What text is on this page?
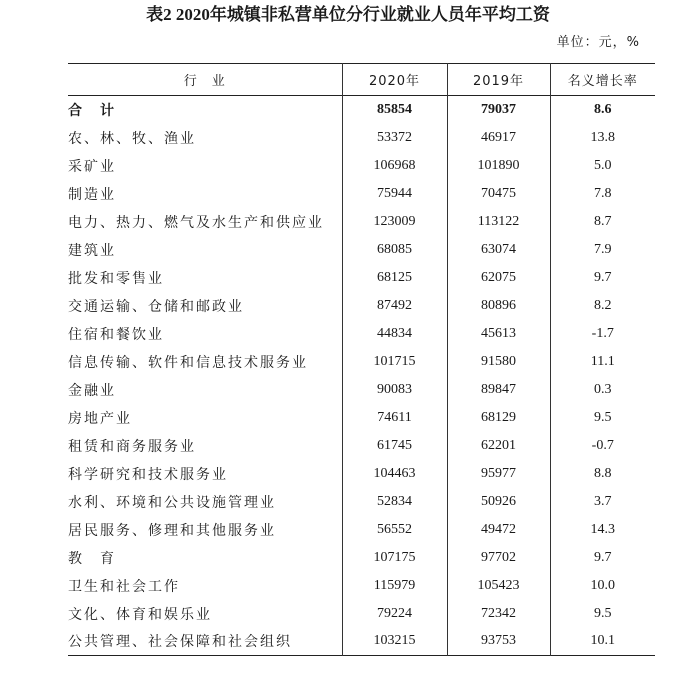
表2 2020年城镇非私营单位分行业就业人员年平均工资
单位：元，%
行　业	2020年	2019年	名义增长率
合　计	85854	79037	8.6
农、林、牧、渔业	53372	46917	13.8
采矿业	106968	101890	5.0
制造业	75944	70475	7.8
电力、热力、燃气及水生产和供应业	123009	113122	8.7
建筑业	68085	63074	7.9
批发和零售业	68125	62075	9.7
交通运输、仓储和邮政业	87492	80896	8.2
住宿和餐饮业	44834	45613	-1.7
信息传输、软件和信息技术服务业	101715	91580	11.1
金融业	90083	89847	0.3
房地产业	74611	68129	9.5
租赁和商务服务业	61745	62201	-0.7
科学研究和技术服务业	104463	95977	8.8
水利、环境和公共设施管理业	52834	50926	3.7
居民服务、修理和其他服务业	56552	49472	14.3
教　育	107175	97702	9.7
卫生和社会工作	115979	105423	10.0
文化、体育和娱乐业	79224	72342	9.5
公共管理、社会保障和社会组织	103215	93753	10.1
